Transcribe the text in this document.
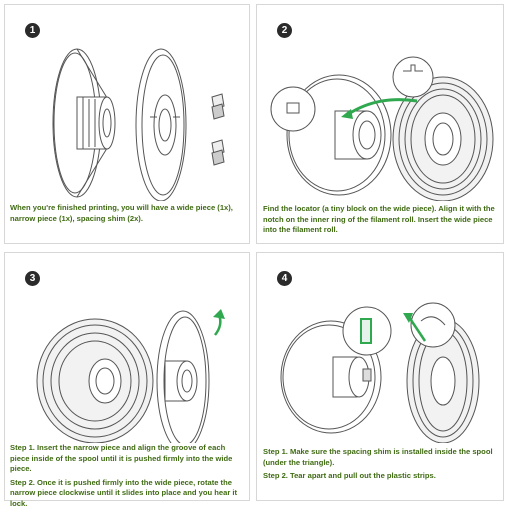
1

When you're finished printing, you will have a wide piece (1x), narrow piece (1x), spacing shim (2x).

2

Find the locator (a tiny block on the wide piece). Align it with the notch on the inner ring of the filament roll. Insert the wide piece into the filament roll.

3

Step 1. Insert the narrow piece and align the groove of each piece inside of the spool until it is pushed firmly into the wide piece.

Step 2. Once it is pushed firmly into the wide piece, rotate the narrow piece clockwise until it slides into place and you hear it lock.

4

Step 1. Make sure the spacing shim is installed inside the spool (under the triangle).

Step 2. Tear apart and pull out the plastic strips.
